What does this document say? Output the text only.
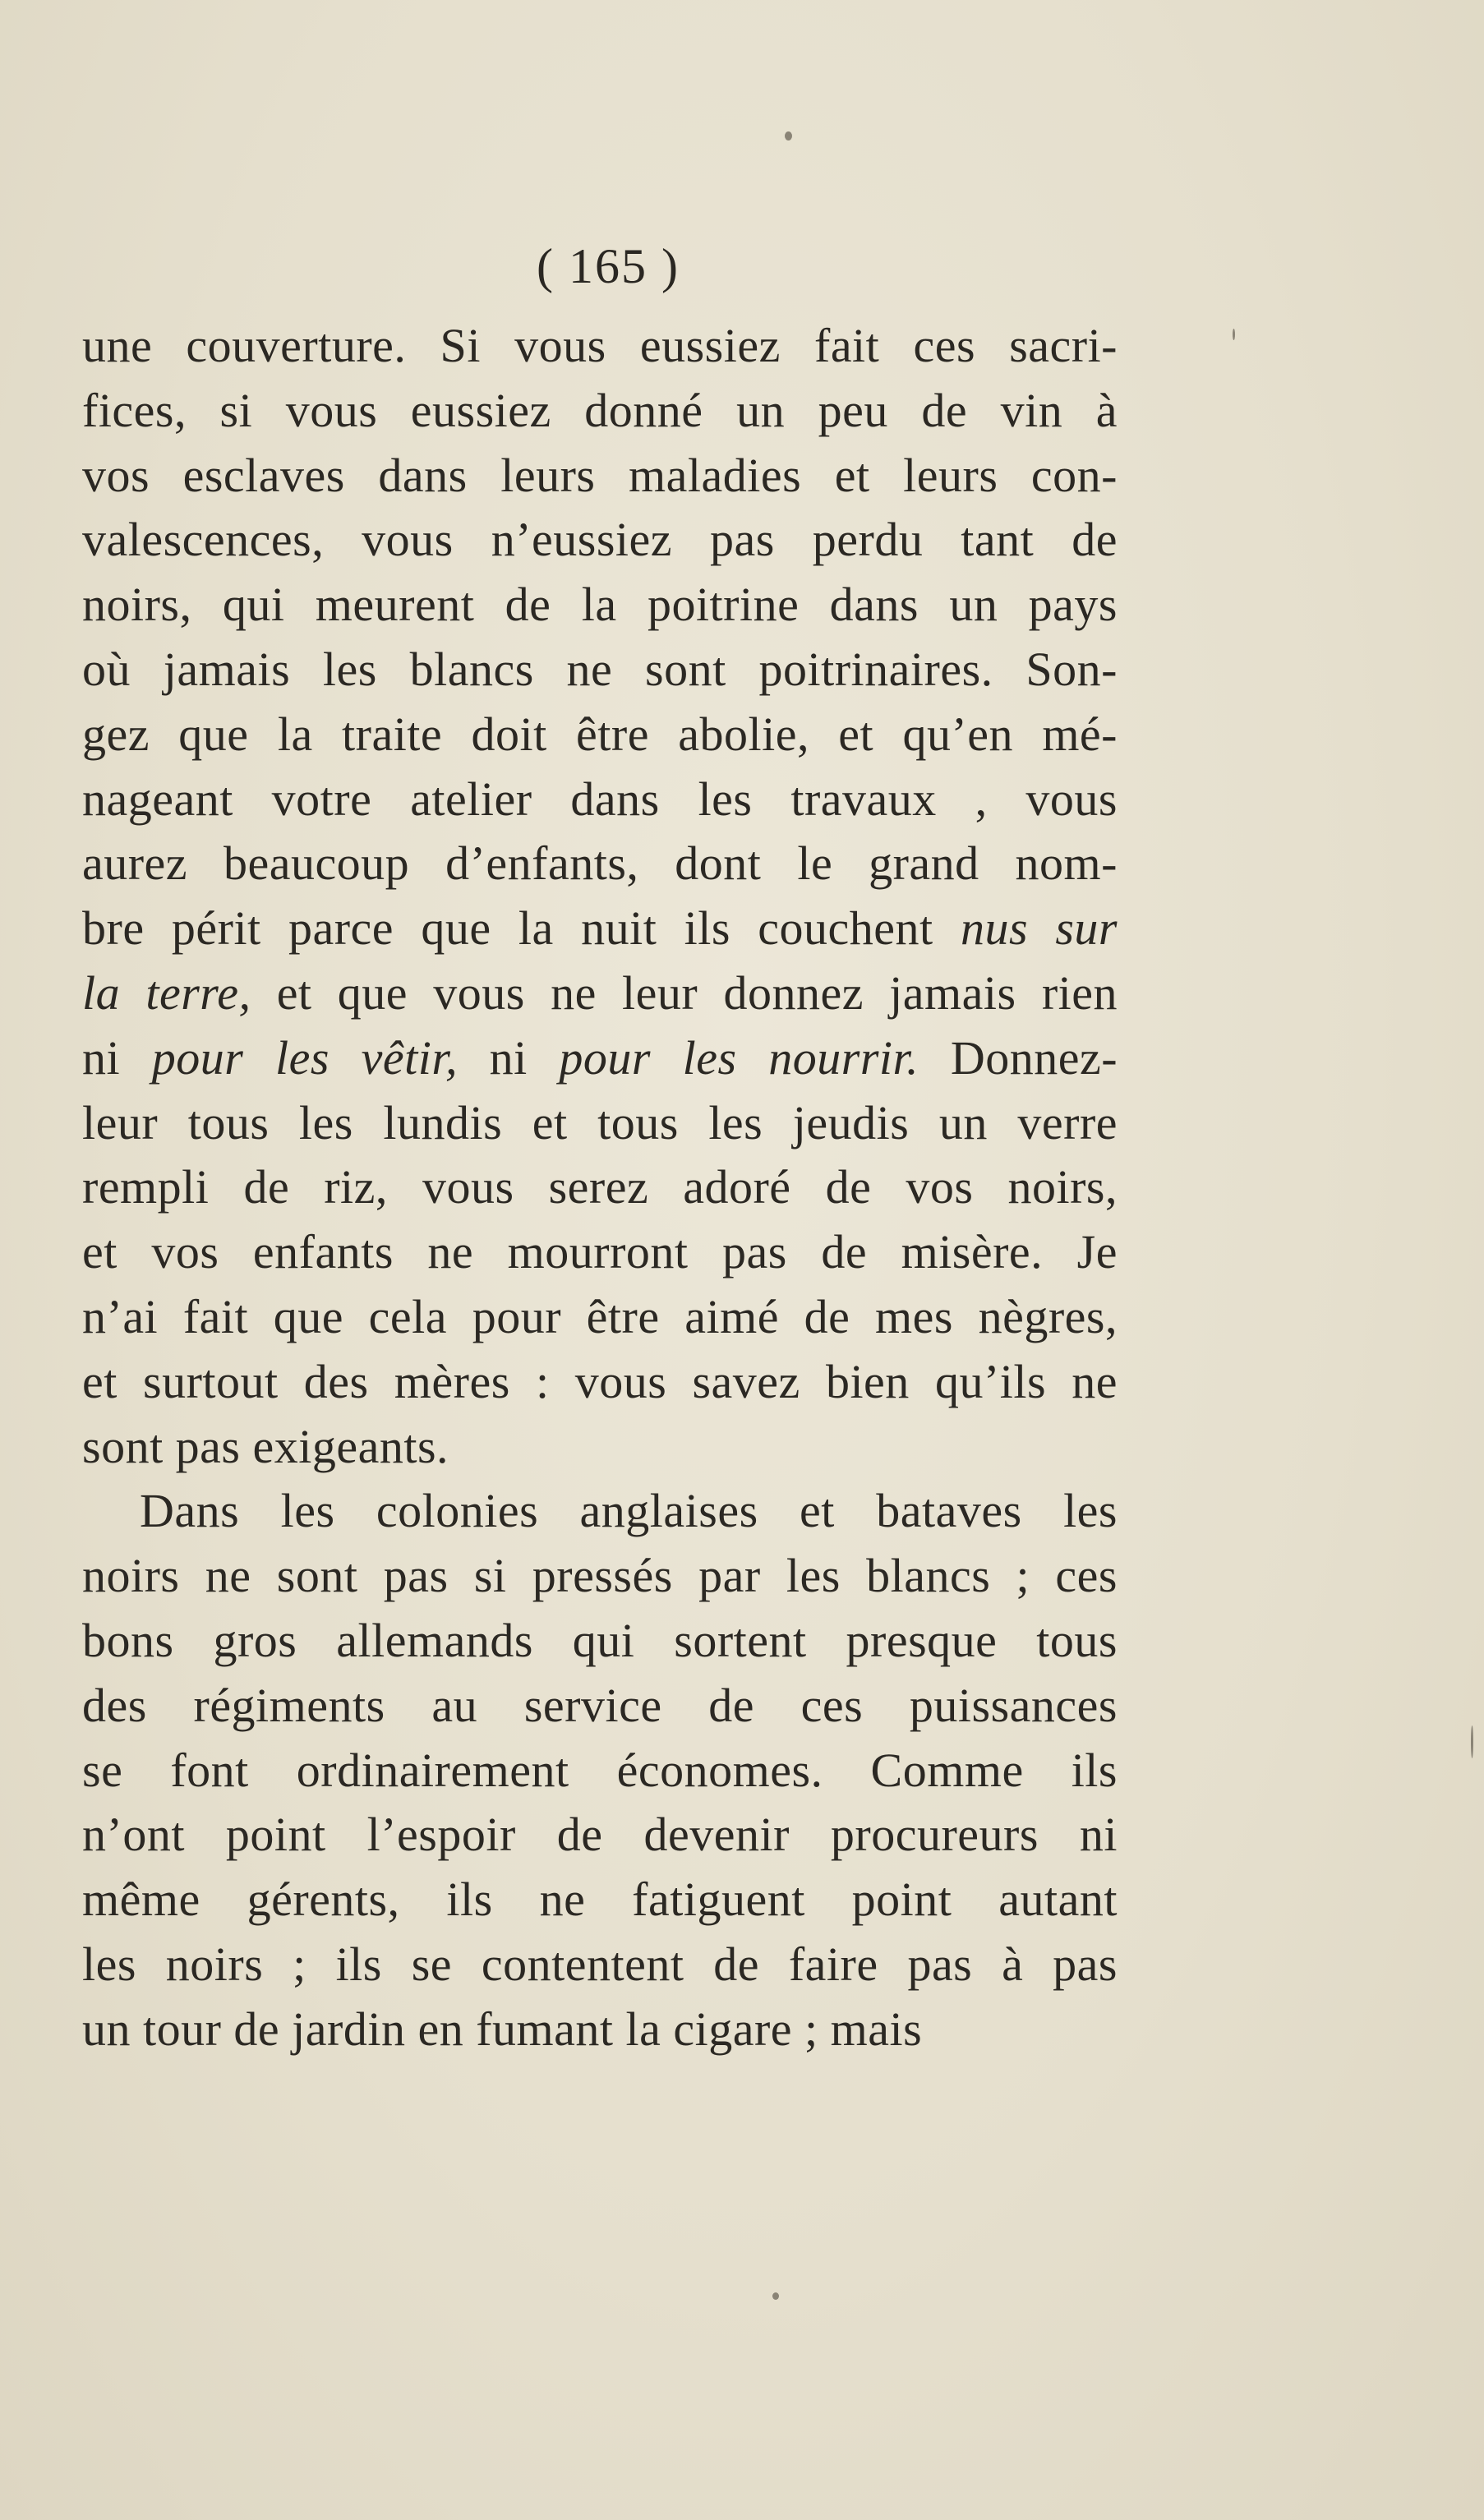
( 165 )
une couverture. Si vous eussiez fait ces sacri-
fices, si vous eussiez donné un peu de vin à
vos esclaves dans leurs maladies et leurs con-
valescences, vous n’eussiez pas perdu tant de
noirs, qui meurent de la poitrine dans un pays
où jamais les blancs ne sont poitrinaires. Son-
gez que la traite doit être abolie, et qu’en mé-
nageant votre atelier dans les travaux , vous
aurez beaucoup d’enfants, dont le grand nom-
bre périt parce que la nuit ils couchent nus sur
la terre, et que vous ne leur donnez jamais rien
ni pour les vêtir, ni pour les nourrir. Donnez-
leur tous les lundis et tous les jeudis un verre
rempli de riz, vous serez adoré de vos noirs,
et vos enfants ne mourront pas de misère. Je
n’ai fait que cela pour être aimé de mes nègres,
et surtout des mères : vous savez bien qu’ils ne
sont pas exigeants.
Dans les colonies anglaises et bataves les
noirs ne sont pas si pressés par les blancs ; ces
bons gros allemands qui sortent presque tous
des régiments au service de ces puissances
se font ordinairement économes. Comme ils
n’ont point l’espoir de devenir procureurs ni
même gérents, ils ne fatiguent point autant
les noirs ; ils se contentent de faire pas à pas
un tour de jardin en fumant la cigare ; mais
